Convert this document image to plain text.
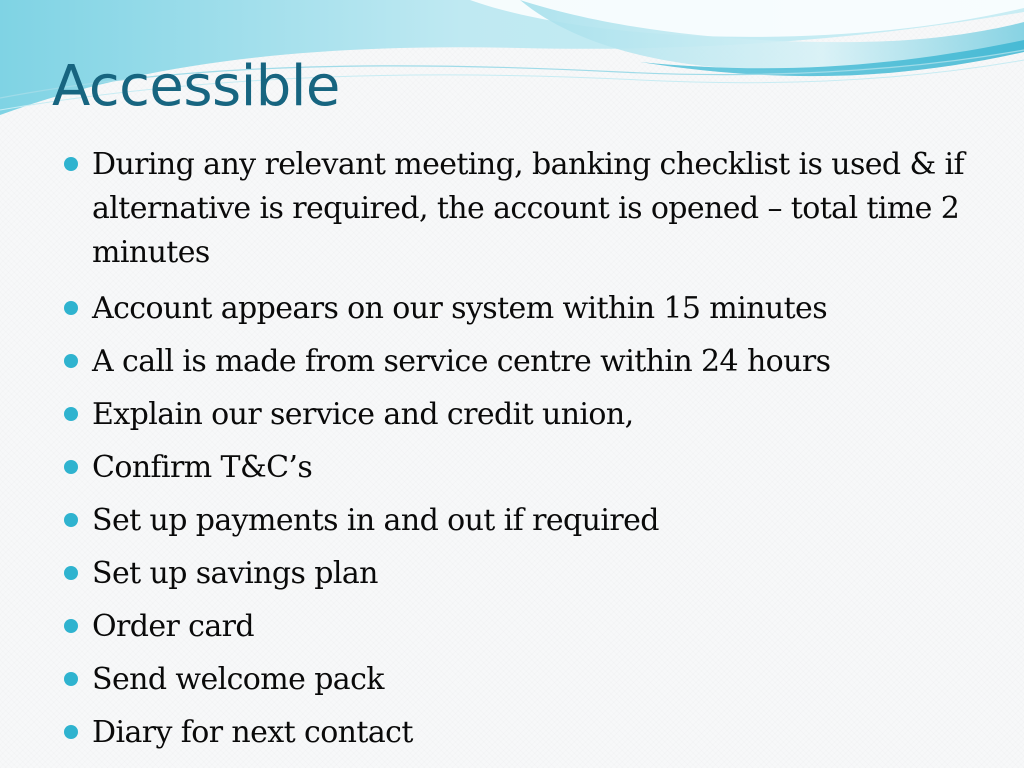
Accessible
During any relevant meeting, banking checklist is used & if alternative is required, the account is opened – total time 2 minutes
Account appears on our system within 15 minutes
A call is made from service centre within 24 hours
Explain our service and credit union,
Confirm T&C’s
Set up payments in and out if required
Set up savings plan
Order card
Send welcome pack
Diary for next contact
